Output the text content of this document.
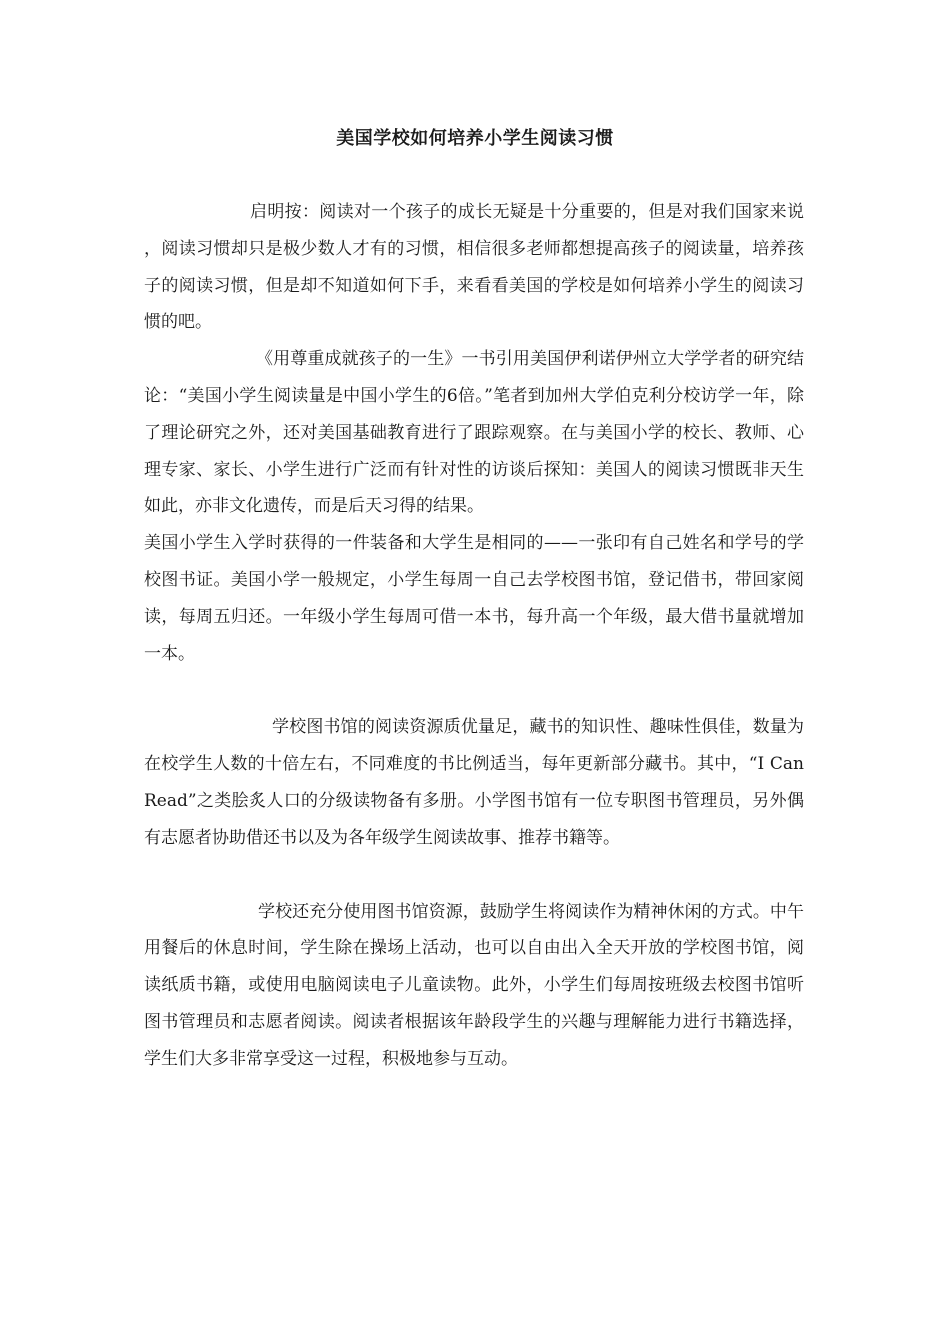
美国学校如何培养小学生阅读习惯

启明按：阅读对一个孩子的成长无疑是十分重要的，但是对我们国家来说，阅读习惯却只是极少数人才有的习惯，相信很多老师都想提高孩子的阅读量，培养孩子的阅读习惯，但是却不知道如何下手，来看看美国的学校是如何培养小学生的阅读习惯的吧。

《用尊重成就孩子的一生》一书引用美国伊利诺伊州立大学学者的研究结论：“美国小学生阅读量是中国小学生的6倍。”笔者到加州大学伯克利分校访学一年，除了理论研究之外，还对美国基础教育进行了跟踪观察。在与美国小学的校长、教师、心理专家、家长、小学生进行广泛而有针对性的访谈后探知：美国人的阅读习惯既非天生如此，亦非文化遗传，而是后天习得的结果。

美国小学生入学时获得的一件装备和大学生是相同的——一张印有自己姓名和学号的学校图书证。美国小学一般规定，小学生每周一自己去学校图书馆，登记借书，带回家阅读，每周五归还。一年级小学生每周可借一本书，每升高一个年级，最大借书量就增加一本。

学校图书馆的阅读资源质优量足，藏书的知识性、趣味性俱佳，数量为在校学生人数的十倍左右，不同难度的书比例适当，每年更新部分藏书。其中，“I Can Read”之类脍炙人口的分级读物备有多册。小学图书馆有一位专职图书管理员，另外偶有志愿者协助借还书以及为各年级学生阅读故事、推荐书籍等。

学校还充分使用图书馆资源，鼓励学生将阅读作为精神休闲的方式。中午用餐后的休息时间，学生除在操场上活动，也可以自由出入全天开放的学校图书馆，阅读纸质书籍，或使用电脑阅读电子儿童读物。此外，小学生们每周按班级去校图书馆听图书管理员和志愿者阅读。阅读者根据该年龄段学生的兴趣与理解能力进行书籍选择，学生们大多非常享受这一过程，积极地参与互动。
